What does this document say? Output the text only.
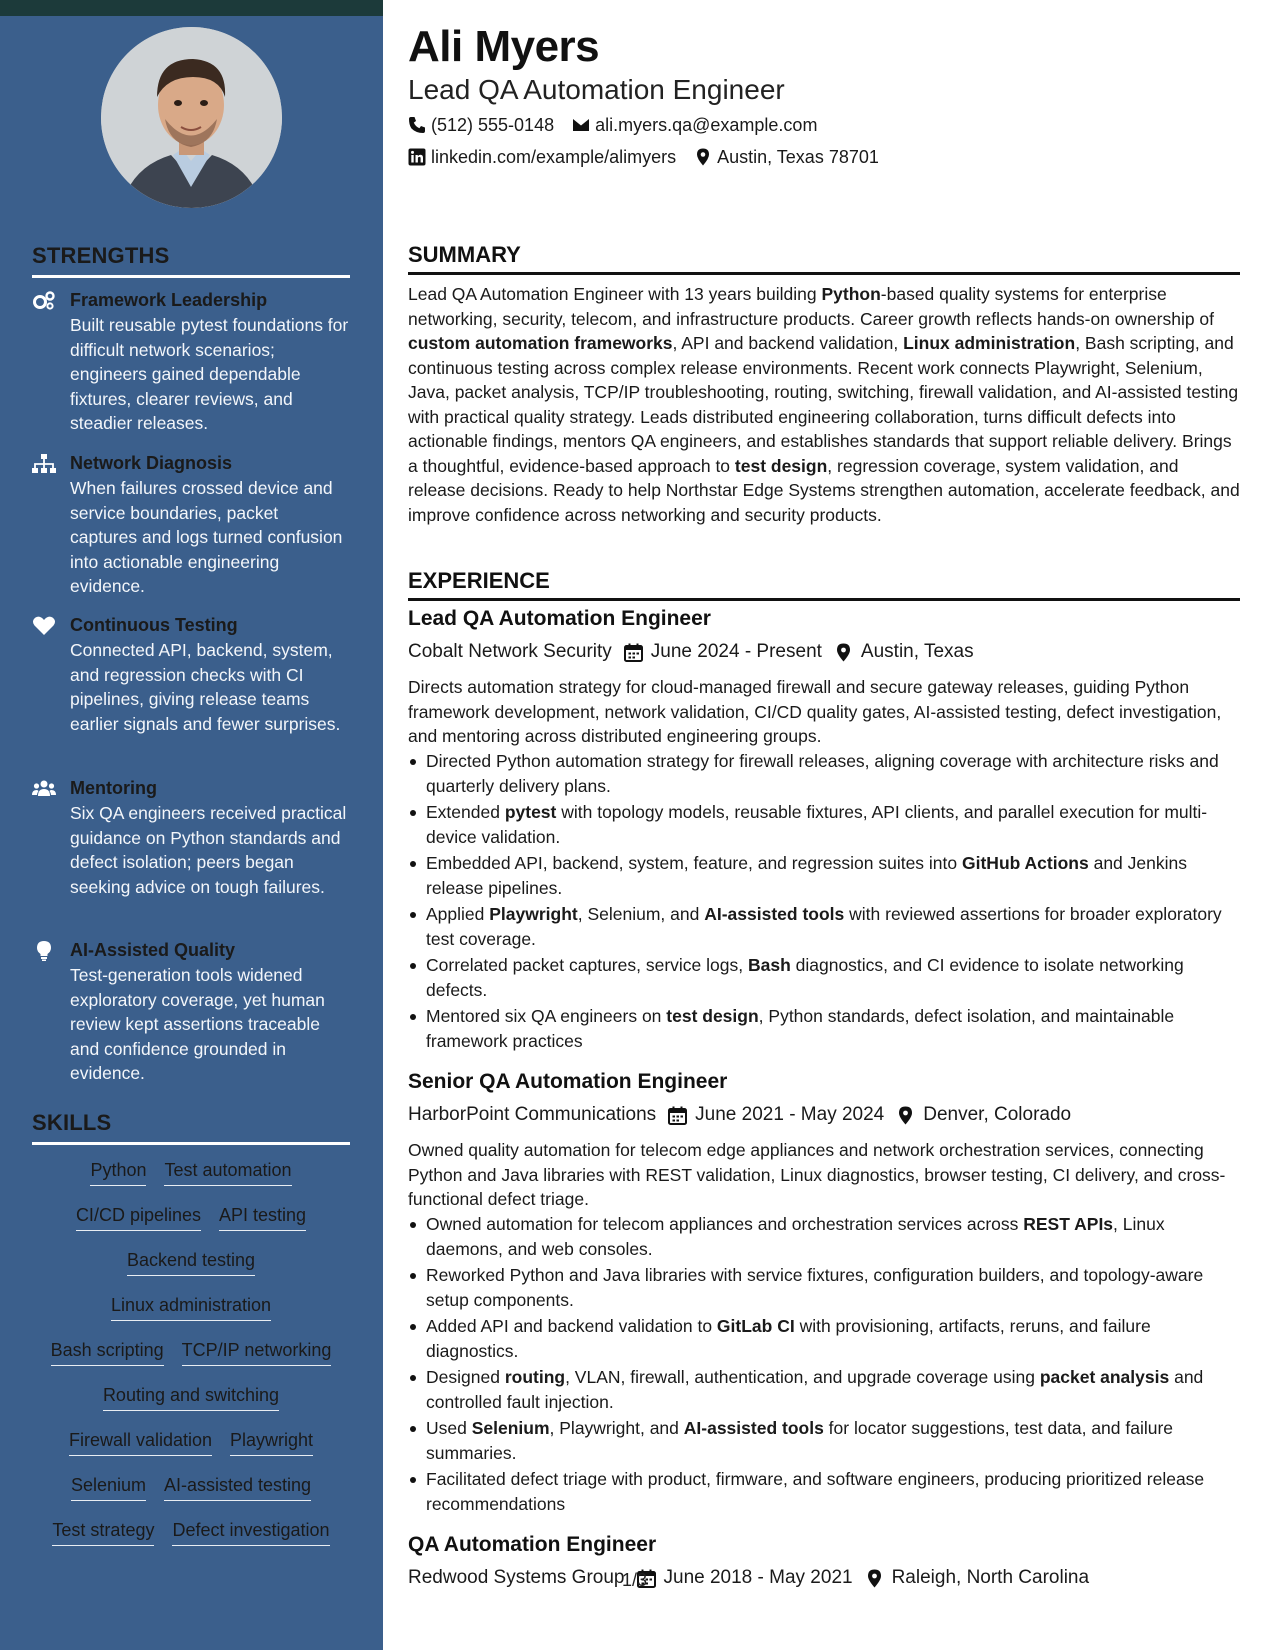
STRENGTHS
Framework Leadership
Built reusable pytest foundations for difficult network scenarios; engineers gained dependable fixtures, clearer reviews, and steadier releases.
Network Diagnosis
When failures crossed device and service boundaries, packet captures and logs turned confusion into actionable engineering evidence.
Continuous Testing
Connected API, backend, system, and regression checks with CI pipelines, giving release teams earlier signals and fewer surprises.
Mentoring
Six QA engineers received practical guidance on Python standards and defect isolation; peers began seeking advice on tough failures.
AI-Assisted Quality
Test-generation tools widened exploratory coverage, yet human review kept assertions traceable and confidence grounded in evidence.
SKILLS
Python Test automation
CI/CD pipelines API testing
Backend testing
Linux administration
Bash scripting TCP/IP networking
Routing and switching
Firewall validation Playwright
Selenium AI-assisted testing
Test strategy Defect investigation
Ali Myers
Lead QA Automation Engineer
(512) 555-0148 ali.myers.qa@example.com
linkedin.com/example/alimyers Austin, Texas 78701
SUMMARY

Lead QA Automation Engineer with 13 years building Python-based quality systems for enterprise networking, security, telecom, and infrastructure products. Career growth reflects hands-on ownership of custom automation frameworks, API and backend validation, Linux administration, Bash scripting, and continuous testing across complex release environments. Recent work connects Playwright, Selenium, Java, packet analysis, TCP/IP troubleshooting, routing, switching, firewall validation, and AI-assisted testing with practical quality strategy. Leads distributed engineering collaboration, turns difficult defects into actionable findings, mentors QA engineers, and establishes standards that support reliable delivery. Brings a thoughtful, evidence-based approach to test design, regression coverage, system validation, and release decisions. Ready to help Northstar Edge Systems strengthen automation, accelerate feedback, and improve confidence across networking and security products.

EXPERIENCE
Lead QA Automation Engineer
Cobalt Network Security June 2024 - Present Austin, Texas

Directs automation strategy for cloud-managed firewall and secure gateway releases, guiding Python framework development, network validation, CI/CD quality gates, AI-assisted testing, defect investigation, and mentoring across distributed engineering groups.

Directed Python automation strategy for firewall releases, aligning coverage with architecture risks and quarterly delivery plans.
Extended pytest with topology models, reusable fixtures, API clients, and parallel execution for multi-device validation.
Embedded API, backend, system, feature, and regression suites into GitHub Actions and Jenkins release pipelines.
Applied Playwright, Selenium, and AI-assisted tools with reviewed assertions for broader exploratory test coverage.
Correlated packet captures, service logs, Bash diagnostics, and CI evidence to isolate networking defects.
Mentored six QA engineers on test design, Python standards, defect isolation, and maintainable framework practices
Senior QA Automation Engineer
HarborPoint Communications June 2021 - May 2024 Denver, Colorado

Owned quality automation for telecom edge appliances and network orchestration services, connecting Python and Java libraries with REST validation, Linux diagnostics, browser testing, CI delivery, and cross-functional defect triage.

Owned automation for telecom appliances and orchestration services across REST APIs, Linux daemons, and web consoles.
Reworked Python and Java libraries with service fixtures, configuration builders, and topology-aware setup components.
Added API and backend validation to GitLab CI with provisioning, artifacts, reruns, and failure diagnostics.
Designed routing, VLAN, firewall, authentication, and upgrade coverage using packet analysis and controlled fault injection.
Used Selenium, Playwright, and AI-assisted tools for locator suggestions, test data, and failure summaries.
Facilitated defect triage with product, firmware, and software engineers, producing prioritized release recommendations
QA Automation Engineer
Redwood Systems Group June 2018 - May 2021 Raleigh, North Carolina
1/3
